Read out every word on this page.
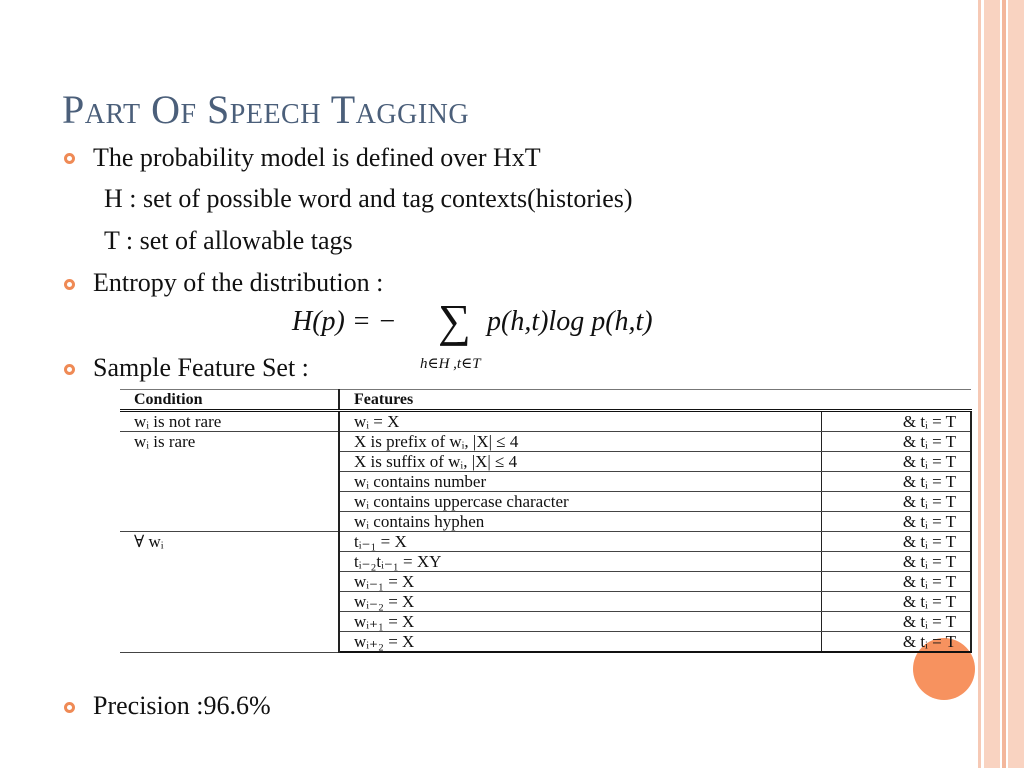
Part Of Speech Tagging
The probability model is defined over HxT
H : set of possible word and tag contexts(histories)
T : set of allowable tags
Entropy of the distribution :
H(p) = − ∑
h∈H ,t∈T
p(h,t)log p(h,t)
Sample Feature Set :
Condition	Features	
wᵢ is not rare	wᵢ = X	& tᵢ = T
wᵢ is rare	X is prefix of wᵢ, |X| ≤ 4	& tᵢ = T
	X is suffix of wᵢ, |X| ≤ 4	& tᵢ = T
	wᵢ contains number	& tᵢ = T
	wᵢ contains uppercase character	& tᵢ = T
	wᵢ contains hyphen	& tᵢ = T
∀ wᵢ	tᵢ₋₁ = X	& tᵢ = T
	tᵢ₋₂tᵢ₋₁ = XY	& tᵢ = T
	wᵢ₋₁ = X	& tᵢ = T
	wᵢ₋₂ = X	& tᵢ = T
	wᵢ₊₁ = X	& tᵢ = T
	wᵢ₊₂ = X	& tᵢ = T
Precision :96.6%
